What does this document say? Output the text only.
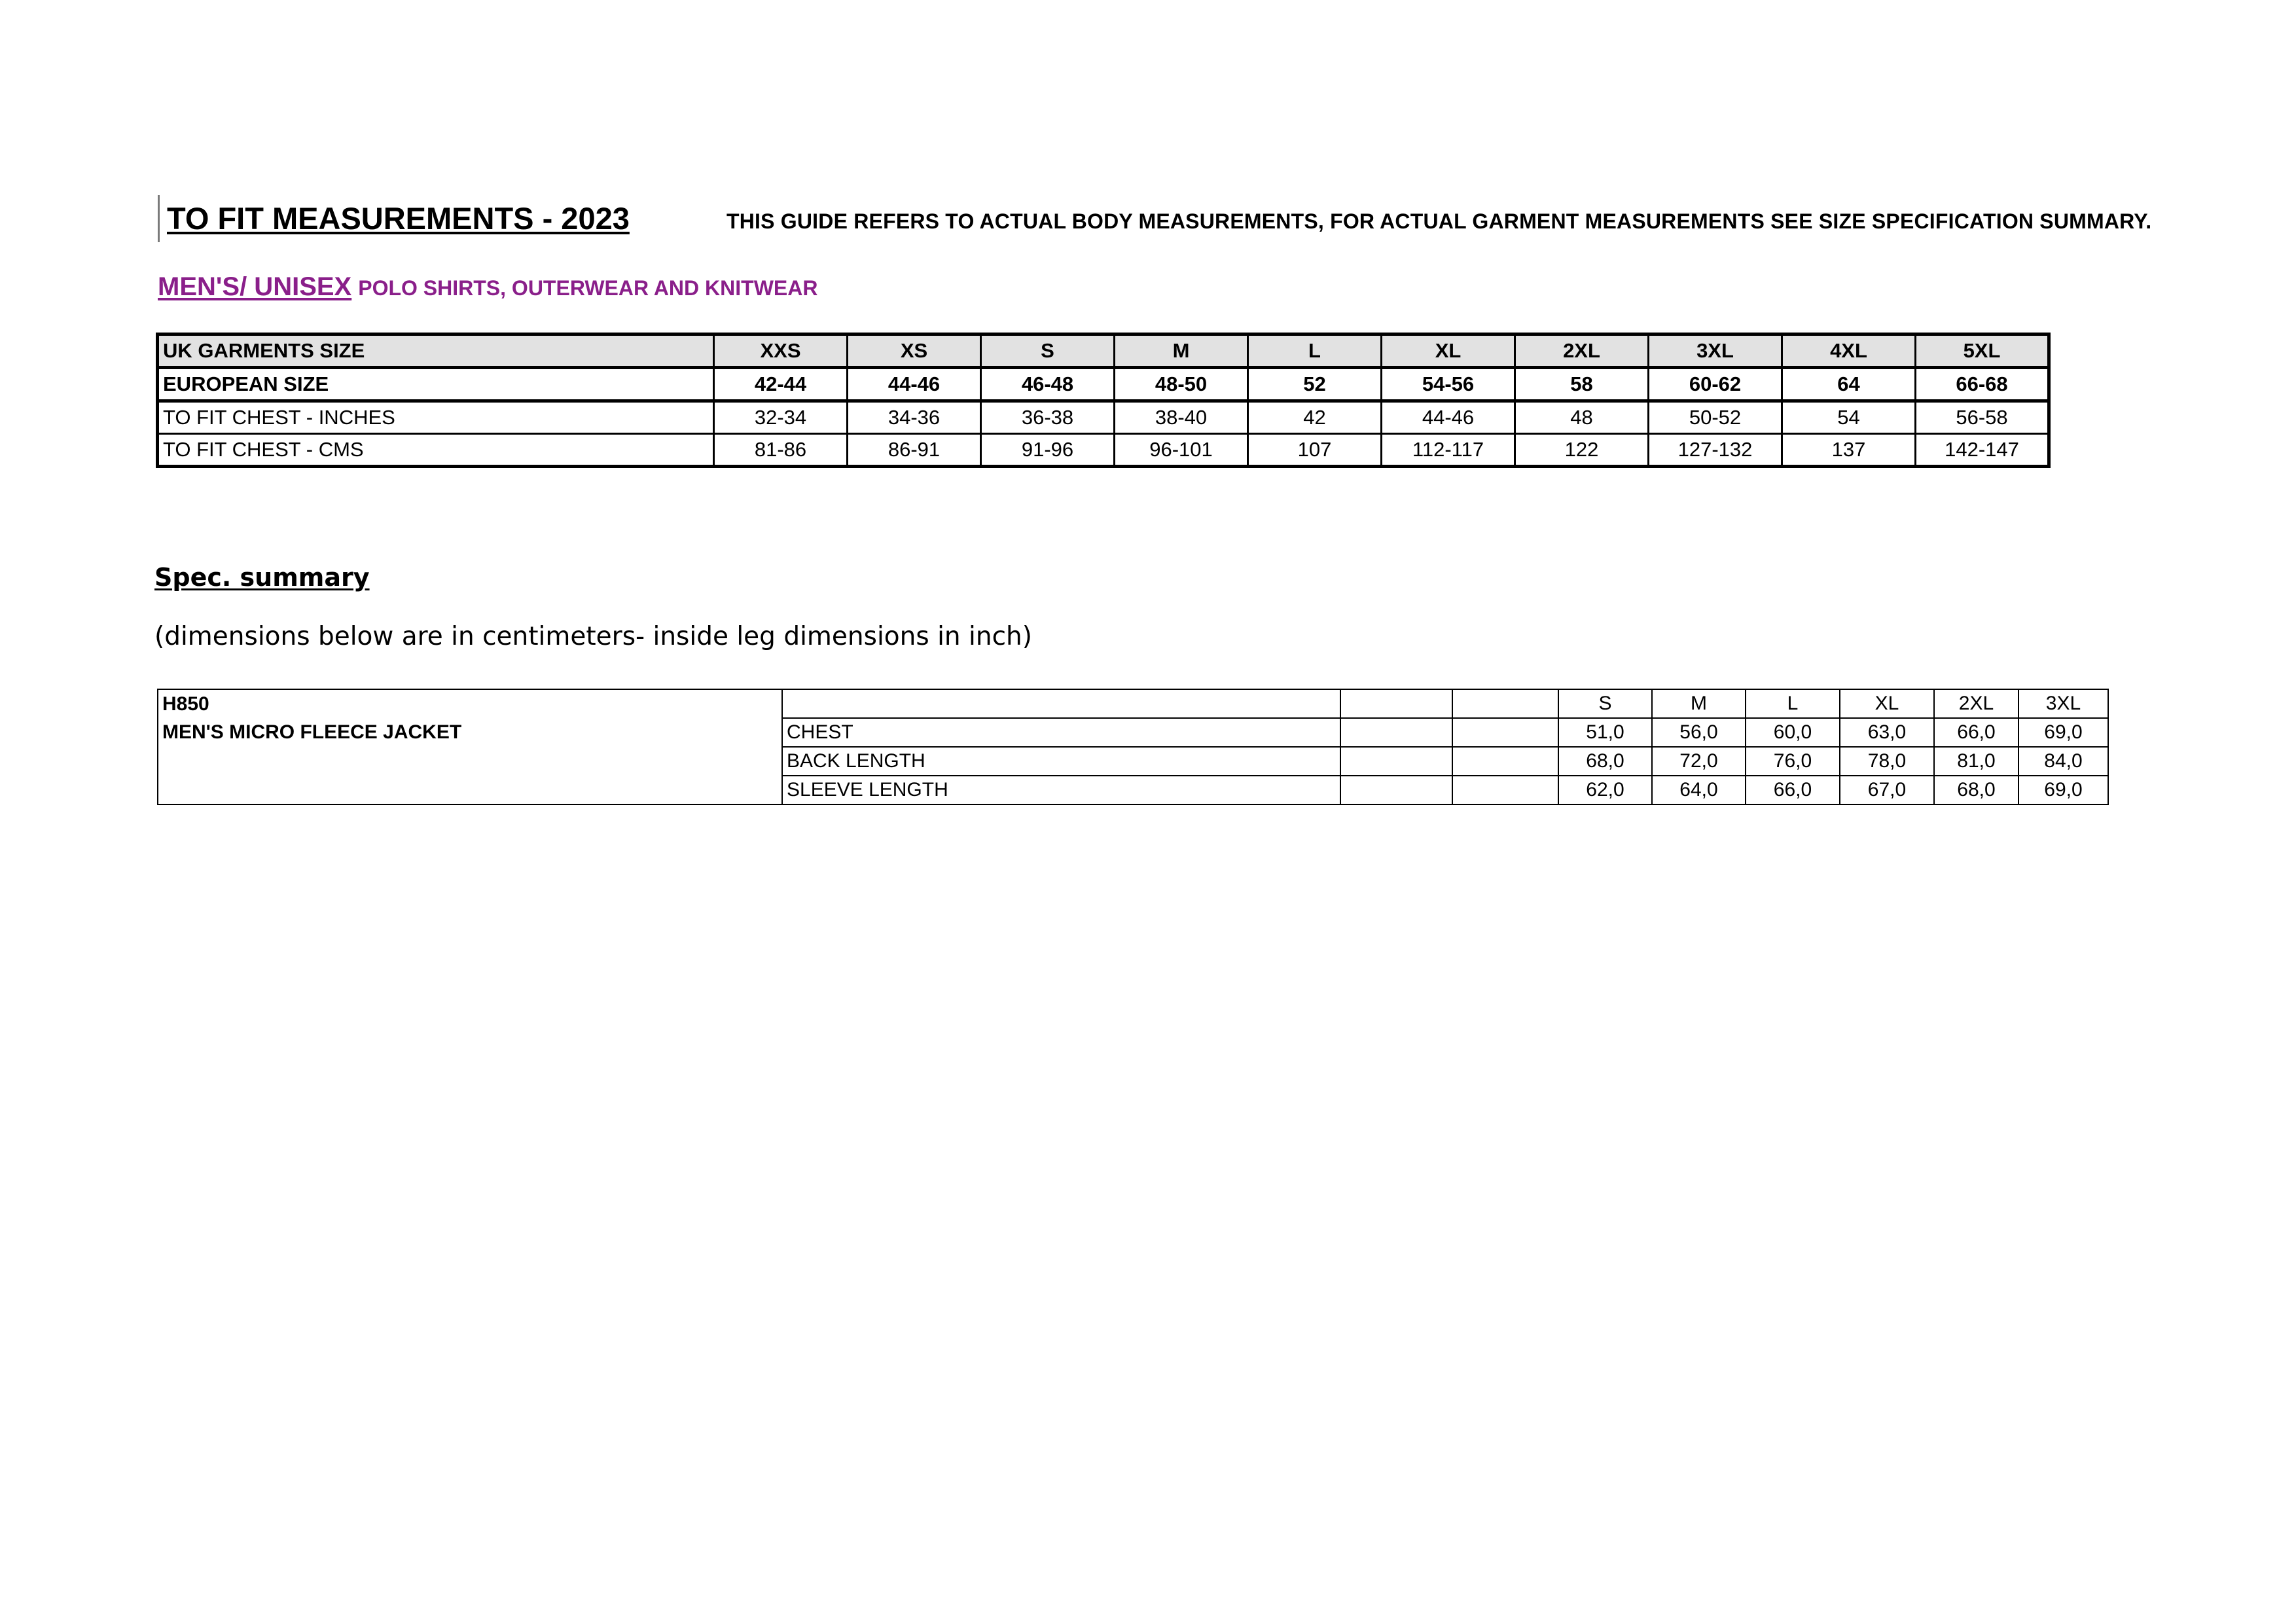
TO FIT MEASUREMENTS - 2023	THIS GUIDE REFERS TO ACTUAL BODY MEASUREMENTS, FOR ACTUAL GARMENT MEASUREMENTS SEE SIZE SPECIFICATION SUMMARY.
MEN'S/ UNISEX POLO SHIRTS, OUTERWEAR AND KNITWEAR
UK GARMENTS SIZE	XXS	XS	S	M	L	XL	2XL	3XL	4XL	5XL
EUROPEAN SIZE	42-44	44-46	46-48	48-50	52	54-56	58	60-62	64	66-68
TO FIT CHEST - INCHES	32-34	34-36	36-38	38-40	42	44-46	48	50-52	54	56-58
TO FIT CHEST - CMS	81-86	86-91	91-96	96-101	107	112-117	122	127-132	137	142-147
Spec. summary
(dimensions below are in centimeters- inside leg dimensions in inch)
H850				S	M	L	XL	2XL	3XL
MEN'S MICRO FLEECE JACKET	CHEST			51,0	56,0	60,0	63,0	66,0	69,0
	BACK LENGTH			68,0	72,0	76,0	78,0	81,0	84,0
	SLEEVE LENGTH			62,0	64,0	66,0	67,0	68,0	69,0
